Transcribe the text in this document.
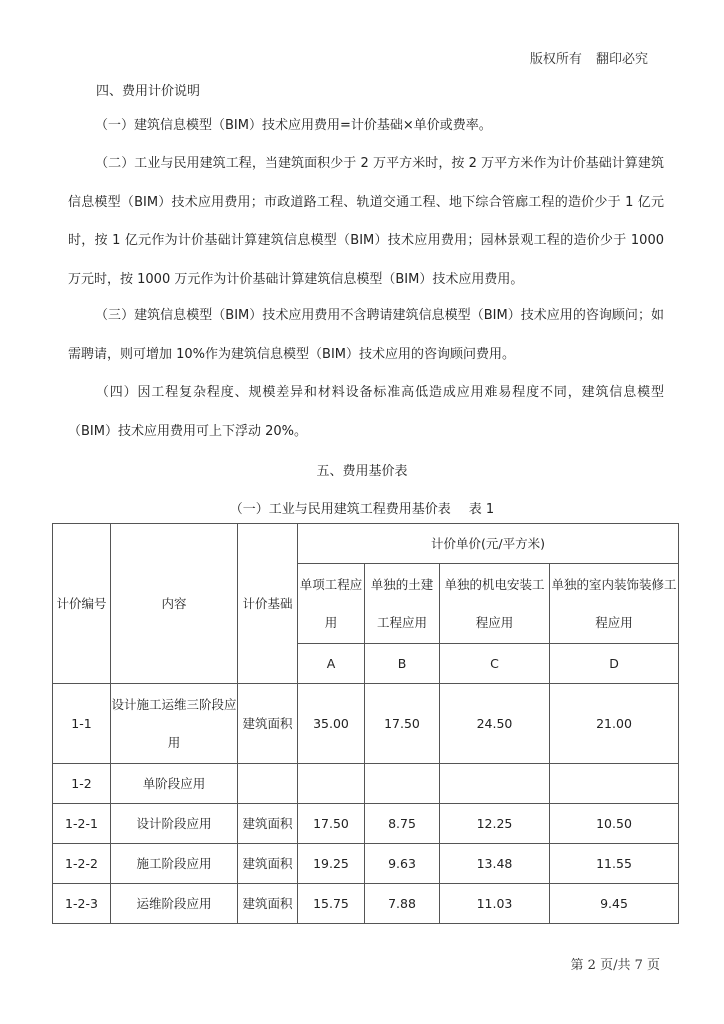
版权所有 翻印必究
四、费用计价说明
（一）建筑信息模型（BIM）技术应用费用=计价基础×单价或费率。
（二）工业与民用建筑工程，当建筑面积少于 2 万平方米时，按 2 万平方米作为计价基础计算建筑信息模型（BIM）技术应用费用；市政道路工程、轨道交通工程、地下综合管廊工程的造价少于 1 亿元时，按 1 亿元作为计价基础计算建筑信息模型（BIM）技术应用费用；园林景观工程的造价少于 1000 万元时，按 1000 万元作为计价基础计算建筑信息模型（BIM）技术应用费用。
（三）建筑信息模型（BIM）技术应用费用不含聘请建筑信息模型（BIM）技术应用的咨询顾问；如需聘请，则可增加 10%作为建筑信息模型（BIM）技术应用的咨询顾问费用。
（四）因工程复杂程度、规模差异和材料设备标准高低造成应用难易程度不同，建筑信息模型（BIM）技术应用费用可上下浮动 20%。
五、费用基价表
（一）工业与民用建筑工程费用基价表 表 1
计价编号	内容	计价基础	计价单价(元/平方米)			
			单项工程应用	单独的土建工程应用	单独的机电安装工程应用	单独的室内装饰装修工程应用
			A	B	C	D
1-1	设计施工运维三阶段应用	建筑面积	35.00	17.50	24.50	21.00
1-2	单阶段应用					
1-2-1	设计阶段应用	建筑面积	17.50	8.75	12.25	10.50
1-2-2	施工阶段应用	建筑面积	19.25	9.63	13.48	11.55
1-2-3	运维阶段应用	建筑面积	15.75	7.88	11.03	9.45
第 2 页/共 7 页
